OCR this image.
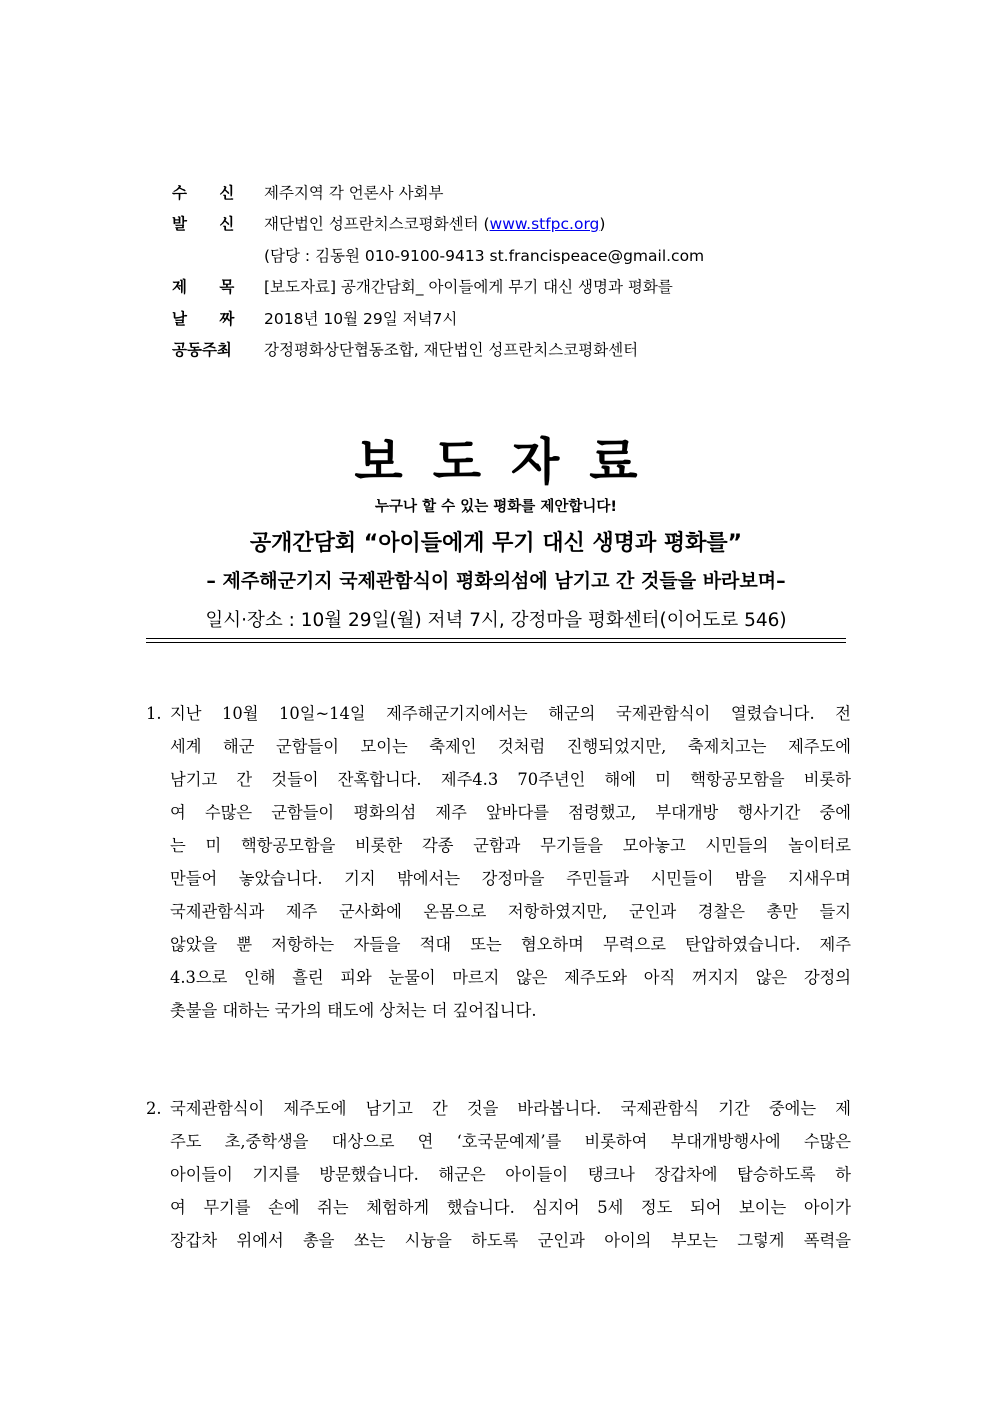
수      신 제주지역 각 언론사 사회부
발      신 재단법인 성프란치스코평화센터 (www.stfpc.org)
(담당 : 김동원 010-9100-9413 st.francispeace@gmail.com
제      목 [보도자료] 공개간담회_ 아이들에게 무기 대신 생명과 평화를
날      짜 2018년 10월 29일 저녁7시
공동주최 강정평화상단협동조합, 재단법인 성프란치스코평화센터
보도자료
누구나 할 수 있는 평화를 제안합니다!
공개간담회 “아이들에게 무기 대신 생명과 평화를”
– 제주해군기지 국제관함식이 평화의섬에 남기고 간 것들을 바라보며–
일시·장소 : 10월 29일(월) 저녁 7시, 강정마을 평화센터(이어도로 546)
1. 지난 10월 10일~14일 제주해군기지에서는 해군의 국제관함식이 열렸습니다. 전
세계 해군 군함들이 모이는 축제인 것처럼 진행되었지만, 축제치고는 제주도에
남기고 간 것들이 잔혹합니다. 제주4.3 70주년인 해에 미 핵항공모함을 비롯하
여 수많은 군함들이 평화의섬 제주 앞바다를 점령했고, 부대개방 행사기간 중에
는 미 핵항공모함을 비롯한 각종 군함과 무기들을 모아놓고 시민들의 놀이터로
만들어 놓았습니다. 기지 밖에서는 강정마을 주민들과 시민들이 밤을 지새우며
국제관함식과 제주 군사화에 온몸으로 저항하였지만, 군인과 경찰은 총만 들지
않았을 뿐 저항하는 자들을 적대 또는 혐오하며 무력으로 탄압하였습니다. 제주
4.3으로 인해 흘린 피와 눈물이 마르지 않은 제주도와 아직 꺼지지 않은 강정의
촛불을 대하는 국가의 태도에 상처는 더 깊어집니다.
2. 국제관함식이 제주도에 남기고 간 것을 바라봅니다. 국제관함식 기간 중에는 제
주도 초,중학생을 대상으로 연 ‘호국문예제’를 비롯하여 부대개방행사에 수많은
아이들이 기지를 방문했습니다. 해군은 아이들이 탱크나 장갑차에 탑승하도록 하
여 무기를 손에 쥐는 체험하게 했습니다. 심지어 5세 정도 되어 보이는 아이가
장갑차 위에서 총을 쏘는 시늉을 하도록 군인과 아이의 부모는 그렇게 폭력을
